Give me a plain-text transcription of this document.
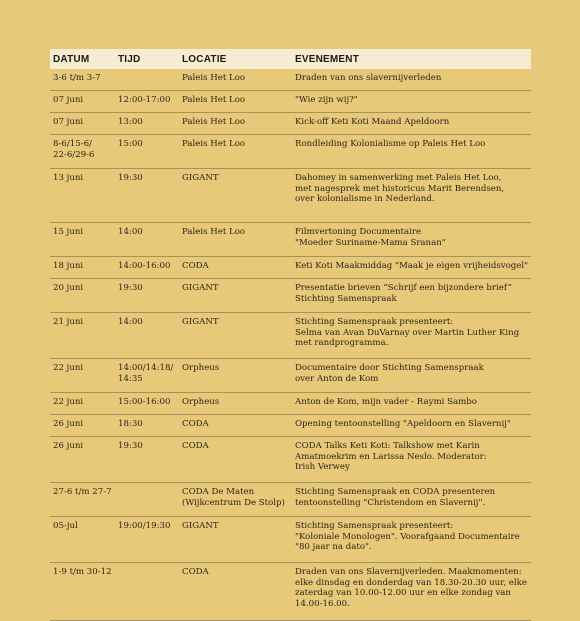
DATUM	TIJD	LOCATIE	EVENEMENT
3-6 t/m 3-7		Paleis Het Loo	Draden van ons slavernijverleden
07 juni	12:00-17:00	Paleis Het Loo	"Wie zijn wij?"
07 juni	13:00	Paleis Het Loo	Kick-off Keti Koti Maand Apeldoorn
8-6/15-6/
22-6/29-6	15:00	Paleis Het Loo	Rondleiding Kolonialisme op Paleis Het Loo
13 juni	19:30	GIGANT	Dahomey in samenwerking met Paleis Het Loo,
met nagesprek met historicus Marit Berendsen,
over kolonialisme in Nederland.
15 juni	14:00	Paleis Het Loo	Filmvertoning Documentaire
"Moeder Suriname-Mama Sranan"
18 juni	14:00-16:00	CODA	Keti Koti Maakmiddag "Maak je eigen vrijheidsvogel"
20 juni	19:30	GIGANT	Presentatie brieven “Schrijf een bijzondere brief”
Stichting Samenspraak
21 juni	14:00	GIGANT	Stichting Samenspraak presenteert:
Selma van Avan DuVarnay over Martin Luther King
met randprogramma.
22 juni	14:00/14:18/
14:35	Orpheus	Documentaire door Stichting Samenspraak
over Anton de Kom
22 juni	15:00-16:00	Orpheus	Anton de Kom, mijn vader - Raymi Sambo
26 juni	18:30	CODA	Opening tentoonstelling "Apeldoorn en Slavernij"
26 juni	19:30	CODA	CODA Talks Keti Koti: Talkshow met Karin
Amatmoekrim en Larissa Neslo. Moderator:
Irish Verwey
27-6 t/m 27-7		CODA De Maten
(Wijkcentrum De Stolp)	Stichting Samenspraak en CODA presenteren
tentoonstelling "Christendom en Slavernij".
05-jul	19:00/19:30	GIGANT	Stichting Samenspraak presenteert:
"Koloniale Monologen". Voorafgaand Documentaire
"80 jaar na dato".
1-9 t/m 30-12		CODA	Draden van ons Slavernijverleden. Maakmomenten:
elke dinsdag en donderdag van 18.30-20.30 uur, elke
zaterdag van 10.00-12.00 uur en elke zondag van
14.00-16.00.
